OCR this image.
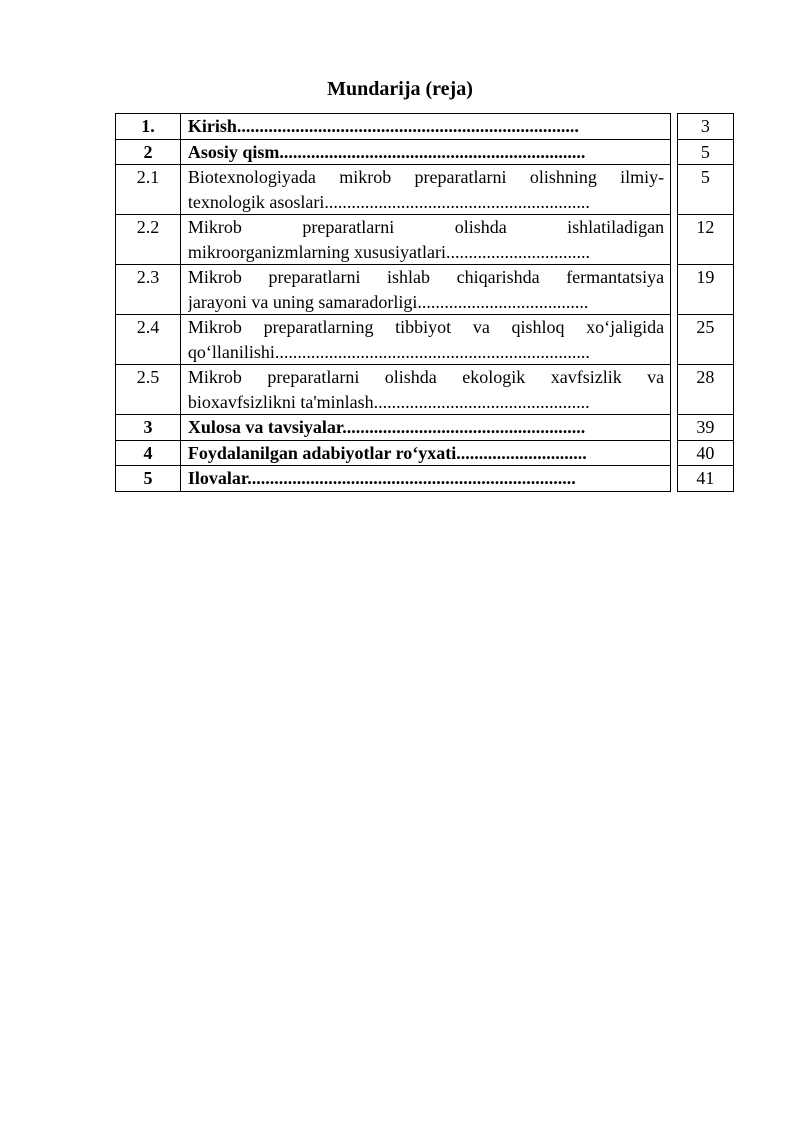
Mundarija (reja)
1.	Kirish............................................................................		3
2	Asosiy qism....................................................................		5
2.1	Biotexnologiyada mikrob preparatlarni olishning ilmiy-
texnologik asoslari...........................................................		5
2.2	Mikrob preparatlarni olishda ishlatiladigan
mikroorganizmlarning xususiyatlari................................		12
2.3	Mikrob preparatlarni ishlab chiqarishda fermantatsiya
jarayoni va uning samaradorligi......................................		19
2.4	Mikrob preparatlarning tibbiyot va qishloq xo‘jaligida
qo‘llanilishi......................................................................		25
2.5	Mikrob preparatlarni olishda ekologik xavfsizlik va
bioxavfsizlikni ta'minlash................................................		28
3	Xulosa va tavsiyalar......................................................		39
4	Foydalanilgan adabiyotlar ro‘yxati.............................		40
5	Ilovalar.........................................................................		41
